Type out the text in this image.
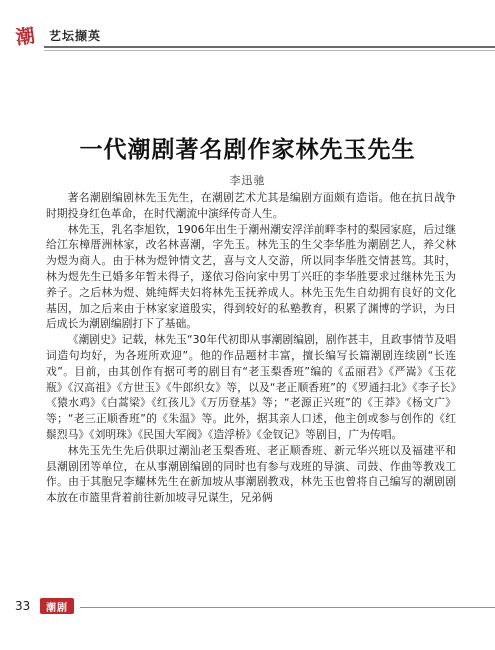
潮 艺坛撷英
一代潮剧著名剧作家林先玉先生
李迅驰

著名潮剧编剧林先玉先生，在潮剧艺术尤其是编剧方面颇有造诣。他在抗日战争时期投身红色革命，在时代潮流中演绎传奇人生。

林先玉，乳名李旭钦，1906年出生于潮州潮安浮洋前畔李村的梨园家庭，后过继给江东樟厝洲林家，改名林喜潮，字先玉。林先玉的生父李华胜为潮剧艺人，养父林为煜为商人。由于林为煜钟情文艺，喜与文人交游，所以同李华胜交情甚笃。其时，林为煜先生已婚多年暂未得子，遂依习俗向家中男丁兴旺的李华胜要求过继林先玉为养子。之后林为煜、姚纯辉夫妇将林先玉抚养成人。林先玉先生自幼拥有良好的文化基因，加之后来由于林家家道殷实，得到较好的私塾教育，积累了渊博的学识，为日后成长为潮剧编剧打下了基础。

《潮剧史》记载，林先玉“30年代初即从事潮剧编剧，剧作甚丰，且政事情节及唱词造句均好，为各班所欢迎”。他的作品题材丰富，擅长编写长篇潮剧连续剧“长连戏”。目前，由其创作有据可考的剧目有“老玉梨香班”编的《孟丽君》《严嵩》《玉花瓶》《汉高祖》《方世玉》《牛郎织女》等，以及“老正顺香班”的《罗通扫北》《李子长》《猿水鸡》《白蒿梁》《红孩儿》《万历登基》等；“老源正兴班”的《王莽》《杨文广》等；“老三正顺香班”的《朱温》等。此外，据其亲人口述，他主创或参与创作的《红鬃烈马》《刘明珠》《民国大军阀》《造浮桥》《金钗记》等剧目，广为传唱。

林先玉先生先后供职过潮汕老玉梨香班、老正顺香班、新元华兴班以及福建平和县潮剧团等单位，在从事潮剧编剧的同时也有参与戏班的导演、司鼓、作曲等教戏工作。由于其胞兄李耀林先生在新加坡从事潮剧教戏，林先玉也曾将自己编写的潮剧剧本放在市篮里背着前往新加坡寻兄谋生，兄弟俩

33	潮剧
